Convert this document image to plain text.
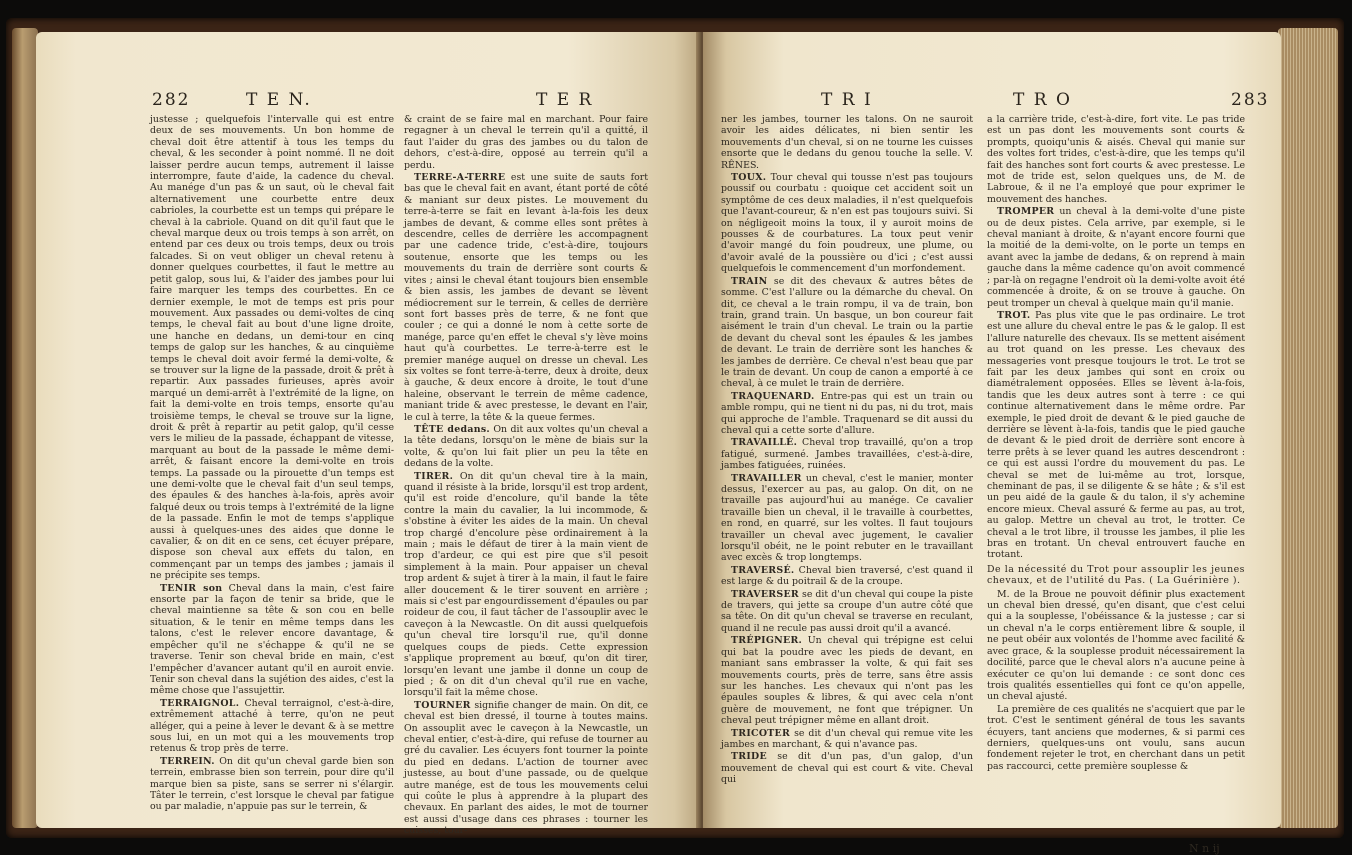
282	T E N.	T E R

justesse ; quelquefois l'intervalle qui est entre deux de ses mouvements. Un bon homme de cheval doit être attentif à tous les temps du cheval, & les seconder à point nommé. Il ne doit laisser perdre aucun temps, autrement il laisse interrompre, faute d'aide, la cadence du cheval. Au manége d'un pas & un saut, où le cheval fait alternativement une courbette entre deux cabrioles, la courbette est un temps qui prépare le cheval à la cabriole. Quand on dit qu'il faut que le cheval marque deux ou trois temps à son arrêt, on entend par ces deux ou trois temps, deux ou trois falcades. Si on veut obliger un cheval retenu à donner quelques courbettes, il faut le mettre au petit galop, sous lui, & l'aider des jambes pour lui faire marquer les temps des courbettes. En ce dernier exemple, le mot de temps est pris pour mouvement. Aux passades ou demi-voltes de cinq temps, le cheval fait au bout d'une ligne droite, une hanche en dedans, un demi-tour en cinq temps de galop sur les hanches, & au cinquième temps le cheval doit avoir fermé la demi-volte, & se trouver sur la ligne de la passade, droit & prêt à repartir. Aux passades furieuses, après avoir marqué un demi-arrêt à l'extrémité de la ligne, on fait la demi-volte en trois temps, ensorte qu'au troisième temps, le cheval se trouve sur la ligne, droit & prêt à repartir au petit galop, qu'il cesse vers le milieu de la passade, échappant de vitesse, marquant au bout de la passade le même demi-arrêt, & faisant encore la demi-volte en trois temps. La passade ou la pirouette d'un temps est une demi-volte que le cheval fait d'un seul temps, des épaules & des hanches à-la-fois, après avoir falqué deux ou trois temps à l'extrémité de la ligne de la passade. Enfin le mot de temps s'applique aussi à quelques-unes des aides que donne le cavalier, & on dit en ce sens, cet écuyer prépare, dispose son cheval aux effets du talon, en commençant par un temps des jambes ; jamais il ne précipite ses temps.

TENIR son Cheval dans la main, c'est faire ensorte par la façon de tenir sa bride, que le cheval maintienne sa tête & son cou en belle situation, & le tenir en même temps dans les talons, c'est le relever encore davantage, & empêcher qu'il ne s'échappe & qu'il ne se traverse. Tenir son cheval bride en main, c'est l'empêcher d'avancer autant qu'il en auroit envie. Tenir son cheval dans la sujétion des aides, c'est la même chose que l'assujettir.

TERRAIGNOL. Cheval terraignol, c'est-à-dire, extrêmement attaché à terre, qu'on ne peut alléger, qui a peine à lever le devant & à se mettre sous lui, en un mot qui a les mouvements trop retenus & trop près de terre.

TERREIN. On dit qu'un cheval garde bien son terrein, embrasse bien son terrein, pour dire qu'il marque bien sa piste, sans se serrer ni s'élargir. Tâter le terrein, c'est lorsque le cheval par fatigue ou par maladie, n'appuie pas sur le terrein, &

& craint de se faire mal en marchant. Pour faire regagner à un cheval le terrein qu'il a quitté, il faut l'aider du gras des jambes ou du talon de dehors, c'est-à-dire, opposé au terrein qu'il a perdu.

TERRE-A-TERRE est une suite de sauts fort bas que le cheval fait en avant, étant porté de côté & maniant sur deux pistes. Le mouvement du terre-à-terre se fait en levant à-la-fois les deux jambes de devant, & comme elles sont prêtes à descendre, celles de derrière les accompagnent par une cadence tride, c'est-à-dire, toujours soutenue, ensorte que les temps ou les mouvements du train de derrière sont courts & vites ; ainsi le cheval étant toujours bien ensemble & bien assis, les jambes de devant se lèvent médiocrement sur le terrein, & celles de derrière sont fort basses près de terre, & ne font que couler ; ce qui a donné le nom à cette sorte de manége, parce qu'en effet le cheval s'y lève moins haut qu'à courbettes. Le terre-à-terre est le premier manége auquel on dresse un cheval. Les six voltes se font terre-à-terre, deux à droite, deux à gauche, & deux encore à droite, le tout d'une haleine, observant le terrein de même cadence, maniant tride & avec prestesse, le devant en l'air, le cul à terre, la tête & la queue fermes.

TÊTE dedans. On dit aux voltes qu'un cheval a la tête dedans, lorsqu'on le mène de biais sur la volte, & qu'on lui fait plier un peu la tête en dedans de la volte.

TIRER. On dit qu'un cheval tire à la main, quand il résiste à la bride, lorsqu'il est trop ardent, qu'il est roide d'encolure, qu'il bande la tête contre la main du cavalier, la lui incommode, & s'obstine à éviter les aides de la main. Un cheval trop chargé d'encolure pèse ordinairement à la main ; mais le défaut de tirer à la main vient de trop d'ardeur, ce qui est pire que s'il pesoit simplement à la main. Pour appaiser un cheval trop ardent & sujet à tirer à la main, il faut le faire aller doucement & le tirer souvent en arrière ; mais si c'est par engourdissement d'épaules ou par roideur de cou, il faut tâcher de l'assouplir avec le caveçon à la Newcastle. On dit aussi quelquefois qu'un cheval tire lorsqu'il rue, qu'il donne quelques coups de pieds. Cette expression s'applique proprement au bœuf, qu'on dit tirer, lorsqu'en levant une jambe il donne un coup de pied ; & on dit d'un cheval qu'il rue en vache, lorsqu'il fait la même chose.

TOURNER signifie changer de main. On dit, ce cheval est bien dressé, il tourne à toutes mains. On assouplit avec le caveçon à la Newcastle, un cheval entier, c'est-à-dire, qui refuse de tourner au gré du cavalier. Les écuyers font tourner la pointe du pied en dedans. L'action de tourner avec justesse, au bout d'une passade, ou de quelque autre manége, est de tous les mouvements celui qui coûte le plus à apprendre à la plupart des chevaux. En parlant des aides, le mot de tourner est aussi d'usage dans ces phrases : tourner les cuisses, tour-

T R I	T R O	283

ner les jambes, tourner les talons. On ne sauroit avoir les aides délicates, ni bien sentir les mouvements d'un cheval, si on ne tourne les cuisses ensorte que le dedans du genou touche la selle. V. RÊNES.

TOUX. Tour cheval qui tousse n'est pas toujours poussif ou courbatu : quoique cet accident soit un symptôme de ces deux maladies, il n'est quelquefois que l'avant-coureur, & n'en est pas toujours suivi. Si on négligeoit moins la toux, il y auroit moins de pousses & de courbatures. La toux peut venir d'avoir mangé du foin poudreux, une plume, ou d'avoir avalé de la poussière ou d'ici ; c'est aussi quelquefois le commencement d'un morfondement.

TRAIN se dit des chevaux & autres bêtes de somme. C'est l'allure ou la démarche du cheval. On dit, ce cheval a le train rompu, il va de train, bon train, grand train. Un basque, un bon coureur fait aisément le train d'un cheval. Le train ou la partie de devant du cheval sont les épaules & les jambes de devant. Le train de derrière sont les hanches & les jambes de derrière. Ce cheval n'est beau que par le train de devant. Un coup de canon a emporté à ce cheval, à ce mulet le train de derrière.

TRAQUENARD. Entre-pas qui est un train ou amble rompu, qui ne tient ni du pas, ni du trot, mais qui approche de l'amble. Traquenard se dit aussi du cheval qui a cette sorte d'allure.

TRAVAILLÉ. Cheval trop travaillé, qu'on a trop fatigué, surmené. Jambes travaillées, c'est-à-dire, jambes fatiguées, ruinées.

TRAVAILLER un cheval, c'est le manier, monter dessus, l'exercer au pas, au galop. On dit, on ne travaille pas aujourd'hui au manége. Ce cavalier travaille bien un cheval, il le travaille à courbettes, en rond, en quarré, sur les voltes. Il faut toujours travailler un cheval avec jugement, le cavalier lorsqu'il obéit, ne le point rebuter en le travaillant avec excès & trop longtemps.

TRAVERSÉ. Cheval bien traversé, c'est quand il est large & du poitrail & de la croupe.

TRAVERSER se dit d'un cheval qui coupe la piste de travers, qui jette sa croupe d'un autre côté que sa tête. On dit qu'un cheval se traverse en reculant, quand il ne recule pas aussi droit qu'il a avancé.

TRÉPIGNER. Un cheval qui trépigne est celui qui bat la poudre avec les pieds de devant, en maniant sans embrasser la volte, & qui fait ses mouvements courts, près de terre, sans être assis sur les hanches. Les chevaux qui n'ont pas les épaules souples & libres, & qui avec cela n'ont guère de mouvement, ne font que trépigner. Un cheval peut trépigner même en allant droit.

TRICOTER se dit d'un cheval qui remue vite les jambes en marchant, & qui n'avance pas.

TRIDE se dit d'un pas, d'un galop, d'un mouvement de cheval qui est court & vite. Cheval qui

a la carrière tride, c'est-à-dire, fort vite. Le pas tride est un pas dont les mouvements sont courts & prompts, quoiqu'unis & aisés. Cheval qui manie sur des voltes fort trides, c'est-à-dire, que les temps qu'il fait des hanches sont fort courts & avec prestesse. Le mot de tride est, selon quelques uns, de M. de Labroue, & il ne l'a employé que pour exprimer le mouvement des hanches.

TROMPER un cheval à la demi-volte d'une piste ou de deux pistes. Cela arrive, par exemple, si le cheval maniant à droite, & n'ayant encore fourni que la moitié de la demi-volte, on le porte un temps en avant avec la jambe de dedans, & on reprend à main gauche dans la même cadence qu'on avoit commencé ; par-là on regagne l'endroit où la demi-volte avoit été commencée à droite, & on se trouve à gauche. On peut tromper un cheval à quelque main qu'il manie.

TROT. Pas plus vite que le pas ordinaire. Le trot est une allure du cheval entre le pas & le galop. Il est l'allure naturelle des chevaux. Ils se mettent aisément au trot quand on les presse. Les chevaux des messageries vont presque toujours le trot. Le trot se fait par les deux jambes qui sont en croix ou diamétralement opposées. Elles se lèvent à-la-fois, tandis que les deux autres sont à terre : ce qui continue alternativement dans le même ordre. Par exemple, le pied droit de devant & le pied gauche de derrière se lèvent à-la-fois, tandis que le pied gauche de devant & le pied droit de derrière sont encore à terre prêts à se lever quand les autres descendront : ce qui est aussi l'ordre du mouvement du pas. Le cheval se met de lui-même au trot, lorsque, cheminant de pas, il se diligente & se hâte ; & s'il est un peu aidé de la gaule & du talon, il s'y achemine encore mieux. Cheval assuré & ferme au pas, au trot, au galop. Mettre un cheval au trot, le trotter. Ce cheval a le trot libre, il trousse les jambes, il plie les bras en trotant. Un cheval entrouvert fauche en trotant.

De la nécessité du Trot pour assouplir les jeunes chevaux, et de l'utilité du Pas. ( La Guérinière ).

M. de la Broue ne pouvoit définir plus exactement un cheval bien dressé, qu'en disant, que c'est celui qui a la souplesse, l'obéissance & la justesse ; car si un cheval n'a le corps entièrement libre & souple, il ne peut obéir aux volontés de l'homme avec facilité & avec grace, & la souplesse produit nécessairement la docilité, parce que le cheval alors n'a aucune peine à exécuter ce qu'on lui demande : ce sont donc ces trois qualités essentielles qui font ce qu'on appelle, un cheval ajusté.

La première de ces qualités ne s'acquiert que par le trot. C'est le sentiment général de tous les savants écuyers, tant anciens que modernes, & si parmi ces derniers, quelques-uns ont voulu, sans aucun fondement rejeter le trot, en cherchant dans un petit pas raccourci, cette première souplesse &

N n ij
